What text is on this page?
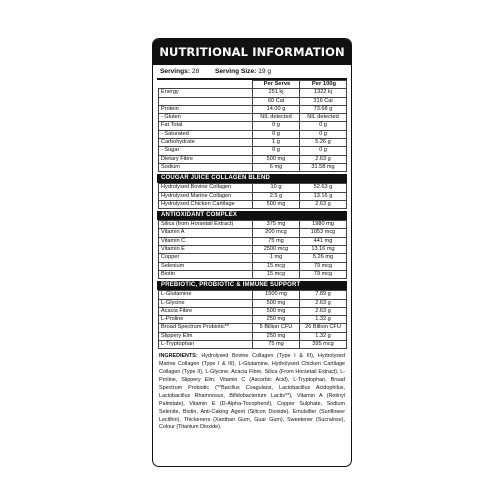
NUTRITIONAL INFORMATION
Servings: 28 Serving Size: 19 g
	Per Serve	Per 100g
Energy	251 kj	1322 kj
	60 Cal	316 Cal
Protein	14.00 g	73.68 g
- Gluten	NIL detected	NIL detected
Fat Total	0 g	0 g
- Saturated	0 g	0 g
Carbohydrate	1 g	5.26 g
- Sugar	0 g	0 g
Dietary Fibre	500 mg	2.63 g
Sodium	6 mg	31.58 mg
COUGAR JUICE COLLAGEN BLEND
Hydrolysed Bovine Collagen	10 g	52.63 g
Hydrolysed Marine Collagen	2.5 g	13.16 g
Hydrolysed Chicken Cartilage	500 mg	2.63 g
ANTIOXIDANT COMPLEX
Silica (from Horsetail Extract)	375 mg	1980 mg
Vitamin A	200 mcg	1053 mcg
Vitamin C	75 mg	441 mg
Vitamin E	2500 mcg	13.16 mg
Copper	1 mg	5.26 mg
Selenium	15 mcg	79 mcg
Biotin	15 mcg	79 mcg
PREBIOTIC, PROBIOTIC & IMMUNE SUPPORT
L-Glutamine	1500 mg	7.89 g
L-Glycine	500 mg	2.63 g
Acacia Fibre	500 mg	2.63 g
L-Proline	250 mg	1.32 g
Broad Spectrum Probiotic**	5 Billion CFU	26 Billion CFU
Slippery Elm	250 mg	1.32 g
L-Tryptophan	75 mg	395 mcg
INGREDIENTS: Hydrolysed Bovine Collagen (Type I & III), Hydrolysed Marine Collagen (Type I & III), L-Glutamine, Hydrolysed Chicken Cartilage Collagen (Type II), L-Glycine, Acacia Fibre, Silica (From Horsetail Extract), L-Proline, Slippery Elm, Vitamin C (Ascorbic Acid), L-Tryptophan, Broad Spectrum Probiotic (**Bacillus Coagulans, Lactobacillus Acidophilus, Lactobacillus Rhamnosus, Bifidobacterium Lactis**), Vitamin A (Retinyl Palmitate), Vitamin E (D-Alpha-Tocopherol), Copper Sulphate, Sodium Selenite, Biotin, Anti-Caking Agent (Silicon Dioxide), Emulsifier (Sunflower Lecithin), Thickeners (Xanthan Gum, Guar Gum), Sweetener (Sucralose), Colour (Titanium Dioxide).
